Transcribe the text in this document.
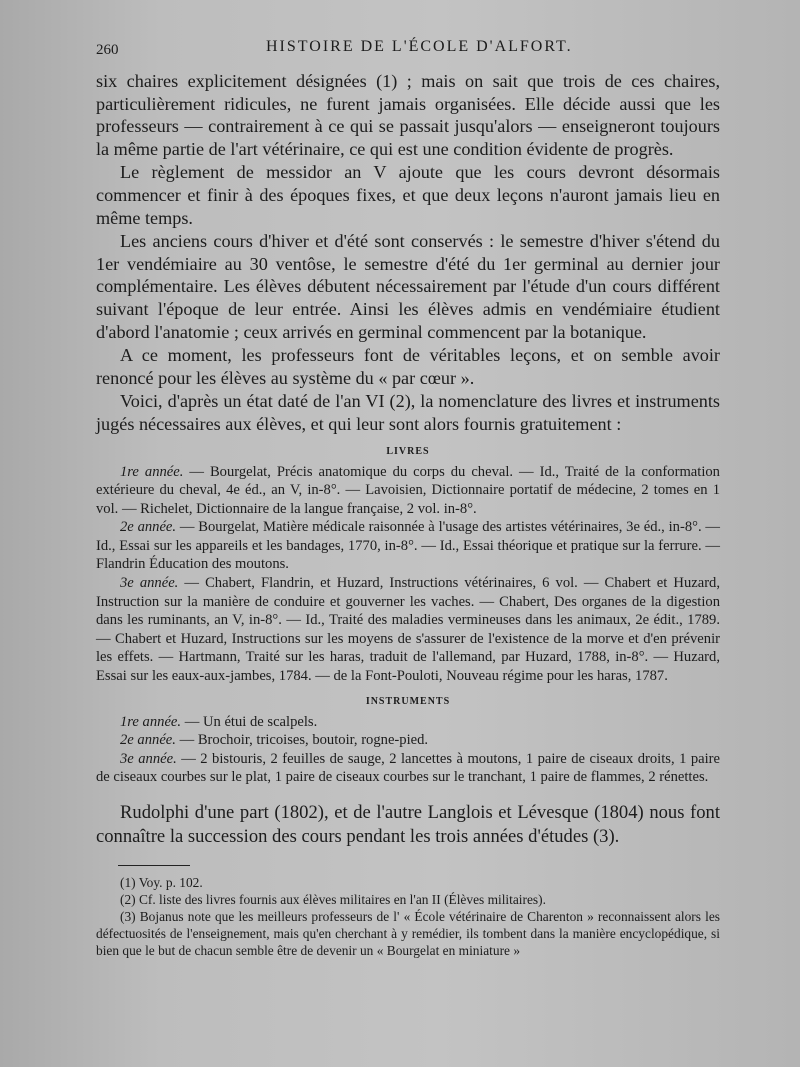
260	HISTOIRE DE L'ÉCOLE D'ALFORT.

six chaires explicitement désignées (1) ; mais on sait que trois de ces chaires, particulièrement ridicules, ne furent jamais organisées. Elle décide aussi que les professeurs — contrairement à ce qui se passait jusqu'alors — enseigneront toujours la même partie de l'art vétérinaire, ce qui est une condition évidente de progrès.

Le règlement de messidor an V ajoute que les cours devront désormais commencer et finir à des époques fixes, et que deux leçons n'auront jamais lieu en même temps.

Les anciens cours d'hiver et d'été sont conservés : le semestre d'hiver s'étend du 1er vendémiaire au 30 ventôse, le semestre d'été du 1er germinal au dernier jour complémentaire. Les élèves débutent nécessairement par l'étude d'un cours différent suivant l'époque de leur entrée. Ainsi les élèves admis en vendémiaire étudient d'abord l'anatomie ; ceux arrivés en germinal commencent par la botanique.

A ce moment, les professeurs font de véritables leçons, et on semble avoir renoncé pour les élèves au système du « par cœur ».

Voici, d'après un état daté de l'an VI (2), la nomenclature des livres et instruments jugés nécessaires aux élèves, et qui leur sont alors fournis gratuitement :

LIVRES

1re année. — Bourgelat, Précis anatomique du corps du cheval. — Id., Traité de la conformation extérieure du cheval, 4e éd., an V, in-8°. — Lavoisien, Dictionnaire portatif de médecine, 2 tomes en 1 vol. — Richelet, Dictionnaire de la langue française, 2 vol. in-8°.

2e année. — Bourgelat, Matière médicale raisonnée à l'usage des artistes vétérinaires, 3e éd., in-8°. — Id., Essai sur les appareils et les bandages, 1770, in-8°. — Id., Essai théorique et pratique sur la ferrure. — Flandrin Éducation des moutons.

3e année. — Chabert, Flandrin, et Huzard, Instructions vétérinaires, 6 vol. — Chabert et Huzard, Instruction sur la manière de conduire et gouverner les vaches. — Chabert, Des organes de la digestion dans les ruminants, an V, in-8°. — Id., Traité des maladies vermineuses dans les animaux, 2e édit., 1789. — Chabert et Huzard, Instructions sur les moyens de s'assurer de l'existence de la morve et d'en prévenir les effets. — Hartmann, Traité sur les haras, traduit de l'allemand, par Huzard, 1788, in-8°. — Huzard, Essai sur les eaux-aux-jambes, 1784. — de la Font-Pouloti, Nouveau régime pour les haras, 1787.

INSTRUMENTS

1re année. — Un étui de scalpels.

2e année. — Brochoir, tricoises, boutoir, rogne-pied.

3e année. — 2 bistouris, 2 feuilles de sauge, 2 lancettes à moutons, 1 paire de ciseaux droits, 1 paire de ciseaux courbes sur le plat, 1 paire de ciseaux courbes sur le tranchant, 1 paire de flammes, 2 rénettes.

Rudolphi d'une part (1802), et de l'autre Langlois et Lévesque (1804) nous font connaître la succession des cours pendant les trois années d'études (3).

(1) Voy. p. 102.

(2) Cf. liste des livres fournis aux élèves militaires en l'an II (Élèves militaires).

(3) Bojanus note que les meilleurs professeurs de l' « École vétérinaire de Charenton » reconnaissent alors les défectuosités de l'enseignement, mais qu'en cherchant à y remédier, ils tombent dans la manière encyclopédique, si bien que le but de chacun semble être de devenir un « Bourgelat en miniature »
